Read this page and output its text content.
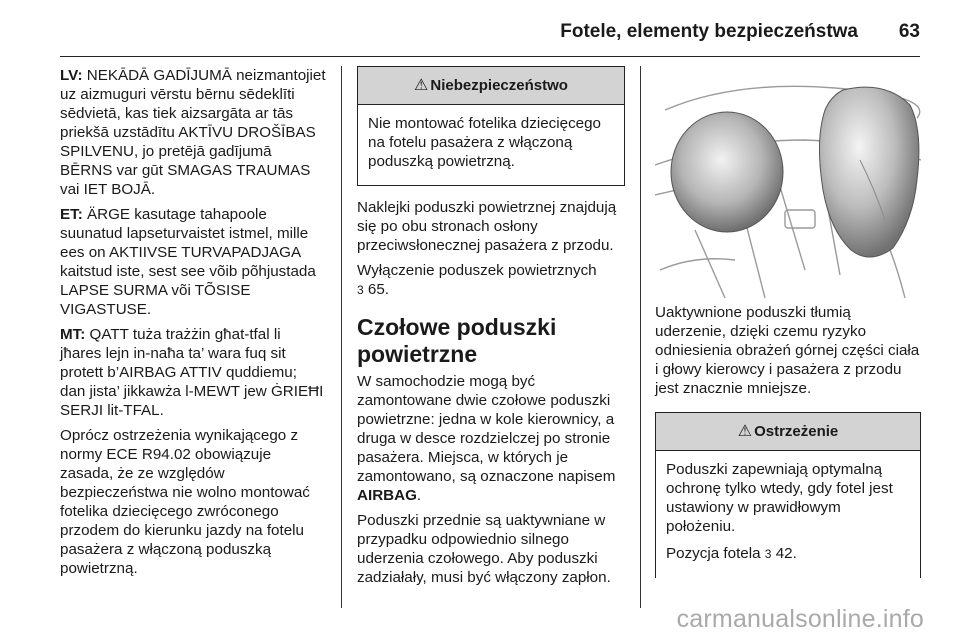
Fotele, elementy bezpieczeństwa 63

LV: NEKĀDĀ GADĪJUMĀ neizmantojiet uz aizmuguri vērstu bērnu sēdeklīti sēdvietā, kas tiek aizsargāta ar tās priekšā uzstādītu AKTĪVU DROŠĪBAS SPILVENU, jo pretējā gadījumā BĒRNS var gūt SMAGAS TRAUMAS vai IET BOJĀ.

ET: ÄRGE kasutage tahapoole suunatud lapseturvaistet istmel, mille ees on AKTIIVSE TURVAPADJAGA kaitstud iste, sest see võib põhjustada LAPSE SURMA või TÕSISE VIGASTUSE.

MT: QATT tuża trażżin għat-tfal li jħares lejn in-naħa ta’ wara fuq sit protett b’AIRBAG ATTIV quddiemu; dan jista’ jikkawża l-MEWT jew ĠRIEĦI SERJI lit-TFAL.

Oprócz ostrzeżenia wynikającego z normy ECE R94.02 obowiązuje zasada, że ze względów bezpieczeństwa nie wolno montować fotelika dziecięcego zwróconego przodem do kierunku jazdy na fotelu pasażera z włączoną poduszką powietrzną.

⚠ Niebezpieczeństwo

Nie montować fotelika dziecięcego na fotelu pasażera z włączoną poduszką powietrzną.

Naklejki poduszki powietrznej znajdują się po obu stronach osłony przeciwsłonecznej pasażera z przodu.

Wyłączenie poduszek powietrznych
3 65.

Czołowe poduszki powietrzne

W samochodzie mogą być zamontowane dwie czołowe poduszki powietrzne: jedna w kole kierownicy, a druga w desce rozdzielczej po stronie pasażera. Miejsca, w których je zamontowano, są oznaczone napisem AIRBAG.

Poduszki przednie są uaktywniane w przypadku odpowiednio silnego uderzenia czołowego. Aby poduszki zadziałały, musi być włączony zapłon.

Uaktywnione poduszki tłumią uderzenie, dzięki czemu ryzyko odniesienia obrażeń górnej części ciała i głowy kierowcy i pasażera z przodu jest znacznie mniejsze.

⚠ Ostrzeżenie

Poduszki zapewniają optymalną ochronę tylko wtedy, gdy fotel jest ustawiony w prawidłowym położeniu.

Pozycja fotela 3 42.

carmanualsonline.info
